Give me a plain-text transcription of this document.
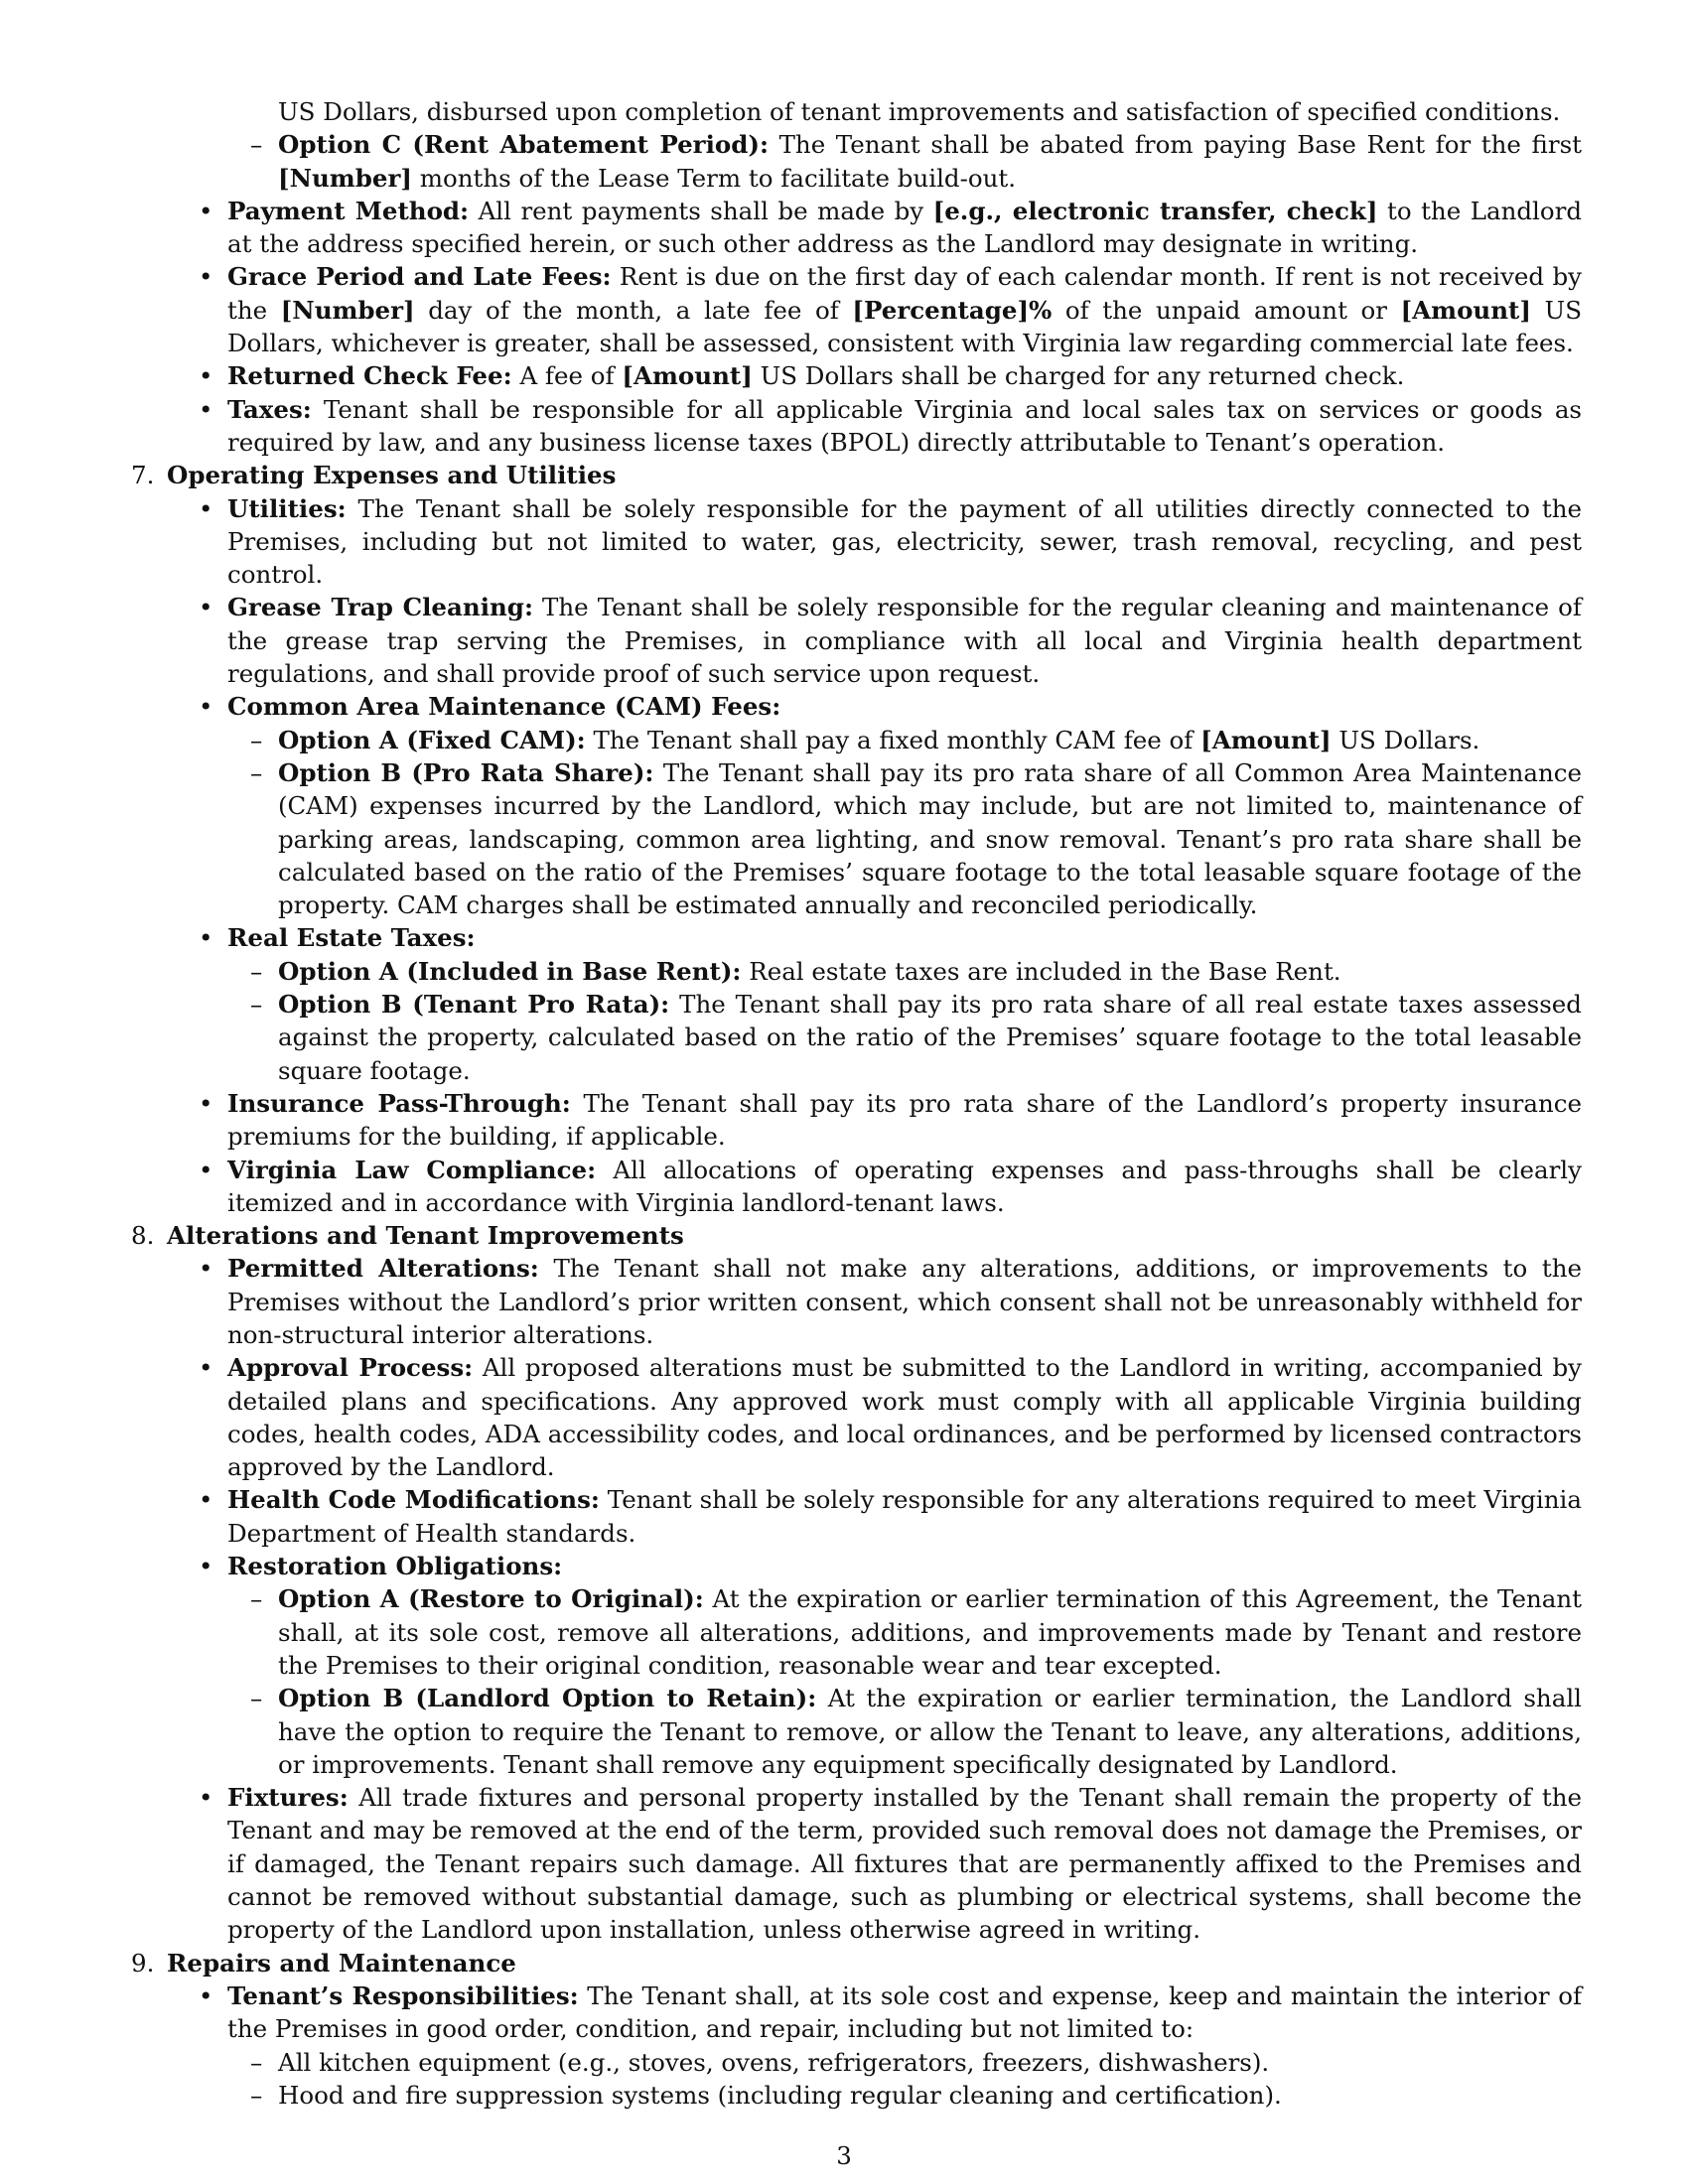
US Dollars, disbursed upon completion of tenant improvements and satisfaction of specified conditions.
– Option C (Rent Abatement Period): The Tenant shall be abated from paying Base Rent for the first [Number] months of the Lease Term to facilitate build-out.
• Payment Method: All rent payments shall be made by [e.g., electronic transfer, check] to the Landlord at the address specified herein, or such other address as the Landlord may designate in writing.
• Grace Period and Late Fees: Rent is due on the first day of each calendar month. If rent is not received by the [Number] day of the month, a late fee of [Percentage]% of the unpaid amount or [Amount] US Dollars, whichever is greater, shall be assessed, consistent with Virginia law regarding commercial late fees.
• Returned Check Fee: A fee of [Amount] US Dollars shall be charged for any returned check.
• Taxes: Tenant shall be responsible for all applicable Virginia and local sales tax on services or goods as required by law, and any business license taxes (BPOL) directly attributable to Tenant’s operation.
7. Operating Expenses and Utilities
• Utilities: The Tenant shall be solely responsible for the payment of all utilities directly connected to the Premises, including but not limited to water, gas, electricity, sewer, trash removal, recycling, and pest control.
• Grease Trap Cleaning: The Tenant shall be solely responsible for the regular cleaning and maintenance of the grease trap serving the Premises, in compliance with all local and Virginia health department regulations, and shall provide proof of such service upon request.
• Common Area Maintenance (CAM) Fees:
– Option A (Fixed CAM): The Tenant shall pay a fixed monthly CAM fee of [Amount] US Dollars.
– Option B (Pro Rata Share): The Tenant shall pay its pro rata share of all Common Area Maintenance (CAM) expenses incurred by the Landlord, which may include, but are not limited to, maintenance of parking areas, landscaping, common area lighting, and snow removal. Tenant’s pro rata share shall be calculated based on the ratio of the Premises’ square footage to the total leasable square footage of the property. CAM charges shall be estimated annually and reconciled periodically.
• Real Estate Taxes:
– Option A (Included in Base Rent): Real estate taxes are included in the Base Rent.
– Option B (Tenant Pro Rata): The Tenant shall pay its pro rata share of all real estate taxes assessed against the property, calculated based on the ratio of the Premises’ square footage to the total leasable square footage.
• Insurance Pass-Through: The Tenant shall pay its pro rata share of the Landlord’s property insurance premiums for the building, if applicable.
• Virginia Law Compliance: All allocations of operating expenses and pass-throughs shall be clearly itemized and in accordance with Virginia landlord-tenant laws.
8. Alterations and Tenant Improvements
• Permitted Alterations: The Tenant shall not make any alterations, additions, or improvements to the Premises without the Landlord’s prior written consent, which consent shall not be unreasonably withheld for non-structural interior alterations.
• Approval Process: All proposed alterations must be submitted to the Landlord in writing, accompanied by detailed plans and specifications. Any approved work must comply with all applicable Virginia building codes, health codes, ADA accessibility codes, and local ordinances, and be performed by licensed contractors approved by the Landlord.
• Health Code Modifications: Tenant shall be solely responsible for any alterations required to meet Virginia Department of Health standards.
• Restoration Obligations:
– Option A (Restore to Original): At the expiration or earlier termination of this Agreement, the Tenant shall, at its sole cost, remove all alterations, additions, and improvements made by Tenant and restore the Premises to their original condition, reasonable wear and tear excepted.
– Option B (Landlord Option to Retain): At the expiration or earlier termination, the Landlord shall have the option to require the Tenant to remove, or allow the Tenant to leave, any alterations, additions, or improvements. Tenant shall remove any equipment specifically designated by Landlord.
• Fixtures: All trade fixtures and personal property installed by the Tenant shall remain the property of the Tenant and may be removed at the end of the term, provided such removal does not damage the Premises, or if damaged, the Tenant repairs such damage. All fixtures that are permanently affixed to the Premises and cannot be removed without substantial damage, such as plumbing or electrical systems, shall become the property of the Landlord upon installation, unless otherwise agreed in writing.
9. Repairs and Maintenance
• Tenant’s Responsibilities: The Tenant shall, at its sole cost and expense, keep and maintain the interior of the Premises in good order, condition, and repair, including but not limited to:
– All kitchen equipment (e.g., stoves, ovens, refrigerators, freezers, dishwashers).
– Hood and fire suppression systems (including regular cleaning and certification).
3
